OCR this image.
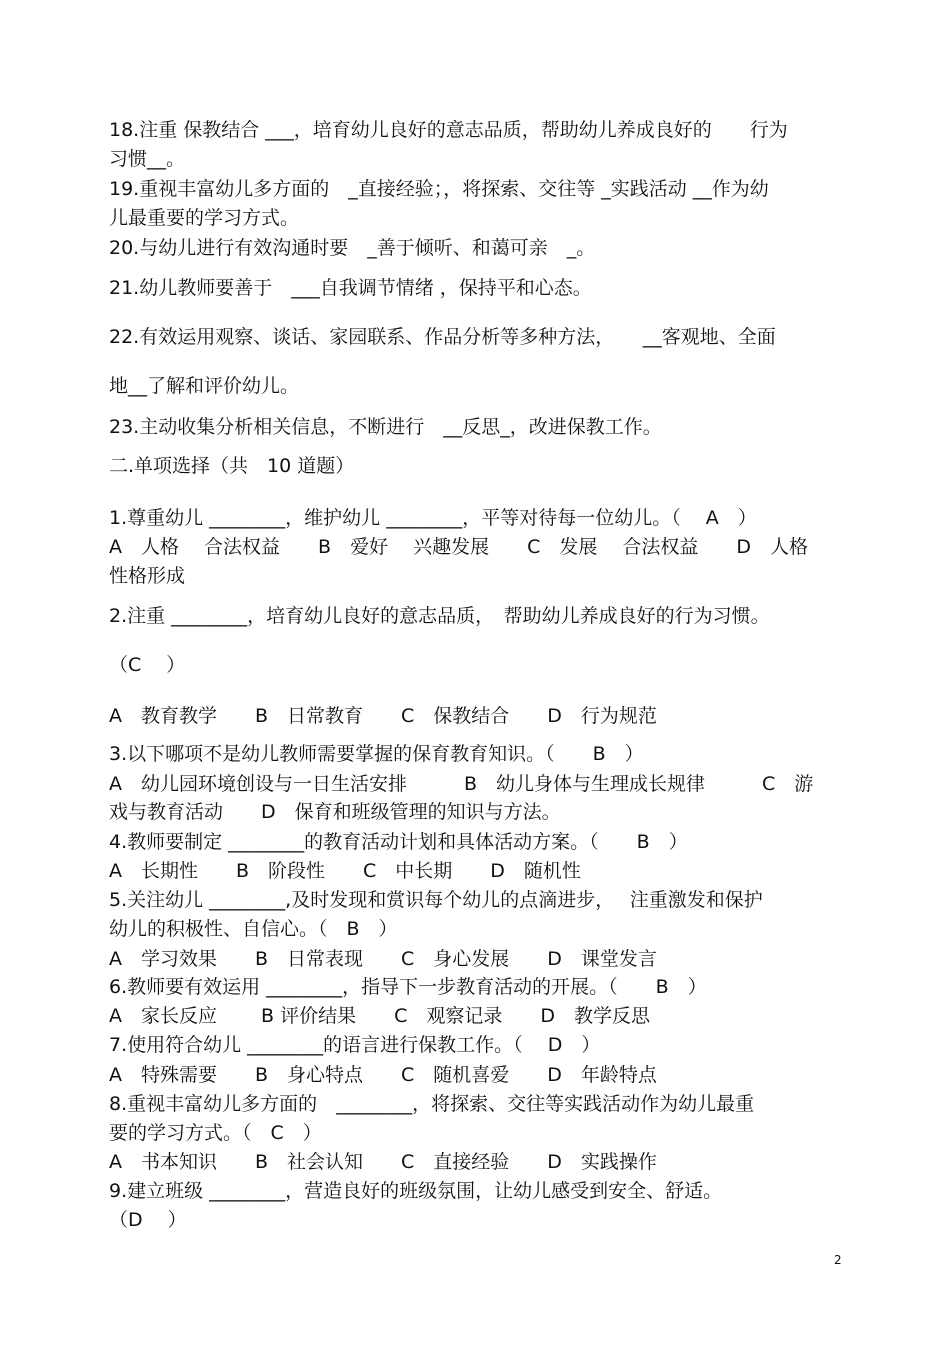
18.注重 保教结合 ___，培育幼儿良好的意志品质，帮助幼儿养成良好的　　行为
习惯__。
19.重视丰富幼儿多方面的　_直接经验；，将探索、交往等 _实践活动 __作为幼
儿最重要的学习方式。
20.与幼儿进行有效沟通时要　_善于倾听、和蔼可亲　_。
21.幼儿教师要善于　___自我调节情绪 ，保持平和心态。
22.有效运用观察、谈话、家园联系、作品分析等多种方法，　　__客观地、全面
地__了解和评价幼儿。
23.主动收集分析相关信息，不断进行　__反思_，改进保教工作。
二.单项选择（共　10 道题）
1.尊重幼儿 ________，维护幼儿 ________，平等对待每一位幼儿。（　 A　）
A　人格　 合法权益　　B　爱好　 兴趣发展　　C　发展　 合法权益　　D　人格
性格形成
2.注重 ________，培育幼儿良好的意志品质，　帮助幼儿养成良好的行为习惯。
（C　 ）
A　教育教学　　B　日常教育　　C　保教结合　　D　行为规范
3.以下哪项不是幼儿教师需要掌握的保育教育知识。（　　B　）
A　幼儿园环境创设与一日生活安排　　　B　幼儿身体与生理成长规律　　　C　游
戏与教育活动　　D　保育和班级管理的知识与方法。
4.教师要制定 ________的教育活动计划和具体活动方案。（　　B　）
A　长期性　　B　阶段性　　C　中长期　　D　随机性
5.关注幼儿 ________,及时发现和赏识每个幼儿的点滴进步，　 注重激发和保护
幼儿的积极性、自信心。（　B　）
A　学习效果　　B　日常表现　　C　身心发展　　D　课堂发言
6.教师要有效运用 ________，指导下一步教育活动的开展。（　　B　）
A　家长反应　　 B 评价结果　　C　观察记录　　D　教学反思
7.使用符合幼儿 ________的语言进行保教工作。（　 D　）
A　特殊需要　　B　身心特点　　C　随机喜爱　　D　年龄特点
8.重视丰富幼儿多方面的　________，将探索、交往等实践活动作为幼儿最重
要的学习方式。（　C　）
A　书本知识　　B　社会认知　　C　直接经验　　D　实践操作
9.建立班级 ________，营造良好的班级氛围，让幼儿感受到安全、舒适。
（D　 ）
2
